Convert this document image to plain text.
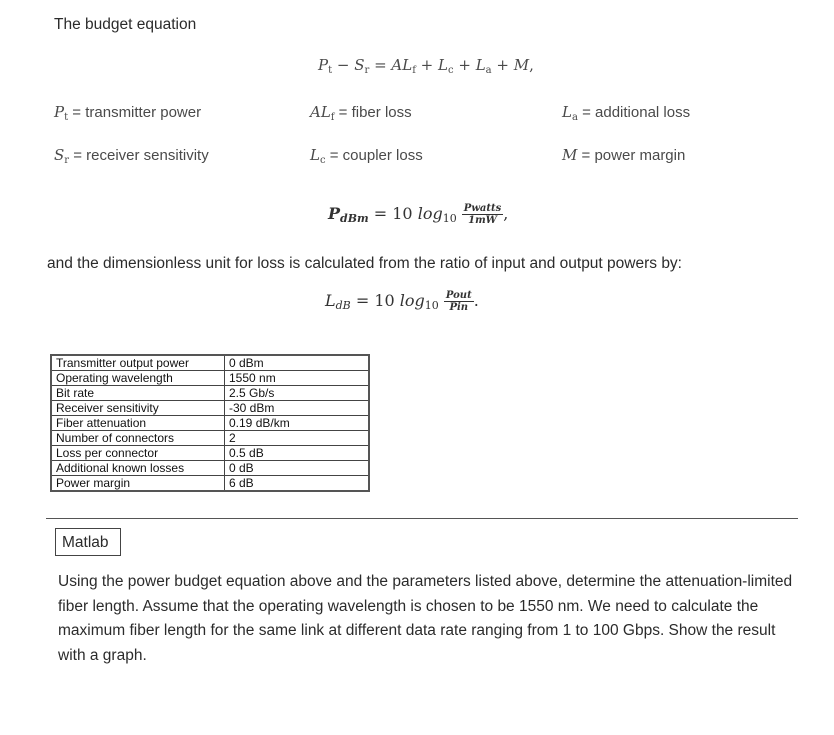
The budget equation
$P_t - S_r = AL_f + L_c + L_a + M$,
$P_t$ = transmitter power	$AL_f$ = fiber loss	$L_a$ = additional loss
$S_r$ = receiver sensitivity	$L_c$ = coupler loss	M = power margin
$P_{dBm} = 10$ $\log_{10} \frac{\text{Pwatts}}{1mW}$ ,
and the dimensionless unit for loss is calculated from the ratio of input and output powers by:
$L_{dB} = 10$ $\log_{10} \frac{\text{Pout}}{\text{Pin}}$ .
Transmitter output power	0 dBm
Operating wavelength	1550 nm
Bit rate	2.5 Gb/s
Receiver sensitivity	-30 dBm
Fiber attenuation	0.19 dB/km
Number of connectors	2
Loss per connector	0.5 dB
Additional known losses	0 dB
Power margin	6 dB
Matlab
Using the power budget equation above and the parameters listed above, determine the attenuation-limited fiber length. Assume that the operating wavelength is chosen to be 1550 nm. We need to calculate the maximum fiber length for the same link at different data rate ranging from 1 to 100 Gbps. Show the result with a graph.
